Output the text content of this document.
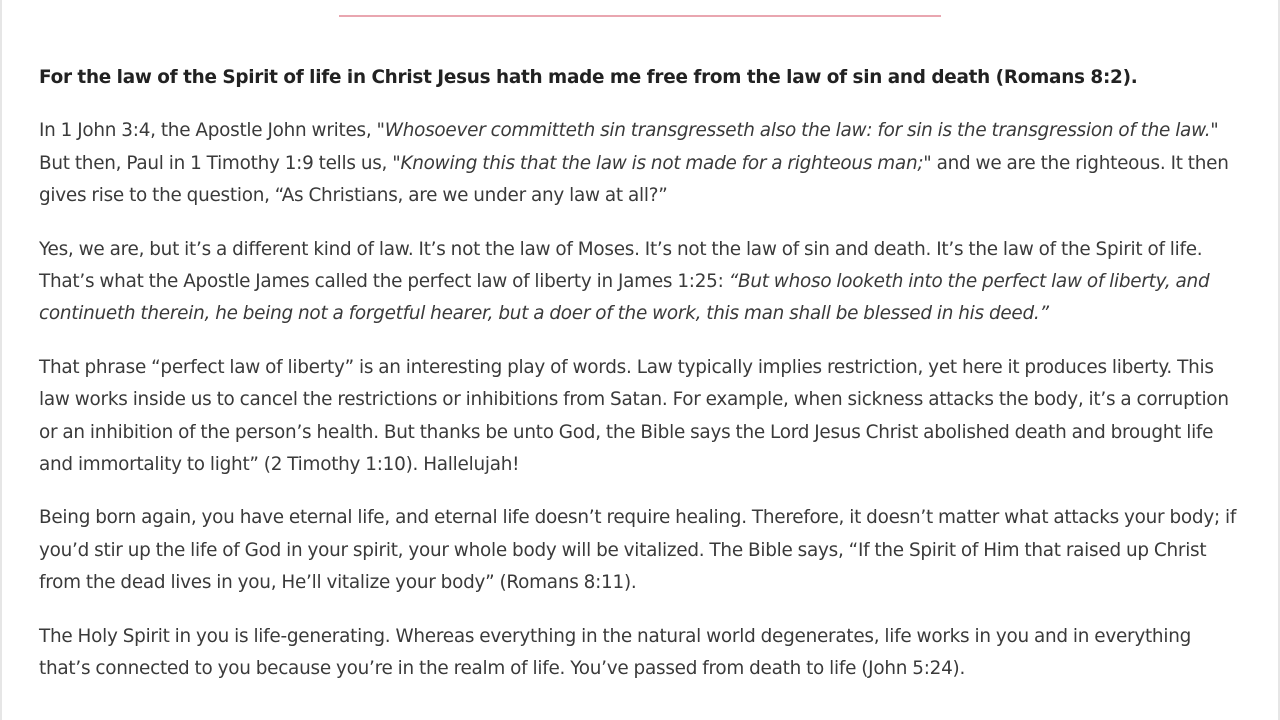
For the law of the Spirit of life in Christ Jesus hath made me free from the law of sin and death (Romans 8:2).

In 1 John 3:4, the Apostle John writes, "Whosoever committeth sin transgresseth also the law: for sin is the transgression of the law." But then, Paul in 1 Timothy 1:9 tells us, "Knowing this that the law is not made for a righteous man;" and we are the righteous. It then gives rise to the question, “As Christians, are we under any law at all?”

Yes, we are, but it’s a different kind of law. It’s not the law of Moses. It’s not the law of sin and death. It’s the law of the Spirit of life. That’s what the Apostle James called the perfect law of liberty in James 1:25: “But whoso looketh into the perfect law of liberty, and continueth therein, he being not a forgetful hearer, but a doer of the work, this man shall be blessed in his deed.”

That phrase “perfect law of liberty” is an interesting play of words. Law typically implies restriction, yet here it produces liberty. This law works inside us to cancel the restrictions or inhibitions from Satan. For example, when sickness attacks the body, it’s a corruption or an inhibition of the person’s health. But thanks be unto God, the Bible says the Lord Jesus Christ abolished death and brought life and immortality to light” (2 Timothy 1:10). Hallelujah!

Being born again, you have eternal life, and eternal life doesn’t require healing. Therefore, it doesn’t matter what attacks your body; if you’d stir up the life of God in your spirit, your whole body will be vitalized. The Bible says, “If the Spirit of Him that raised up Christ from the dead lives in you, He’ll vitalize your body” (Romans 8:11).

The Holy Spirit in you is life-generating. Whereas everything in the natural world degenerates, life works in you and in everything that’s connected to you because you’re in the realm of life. You’ve passed from death to life (John 5:24).
